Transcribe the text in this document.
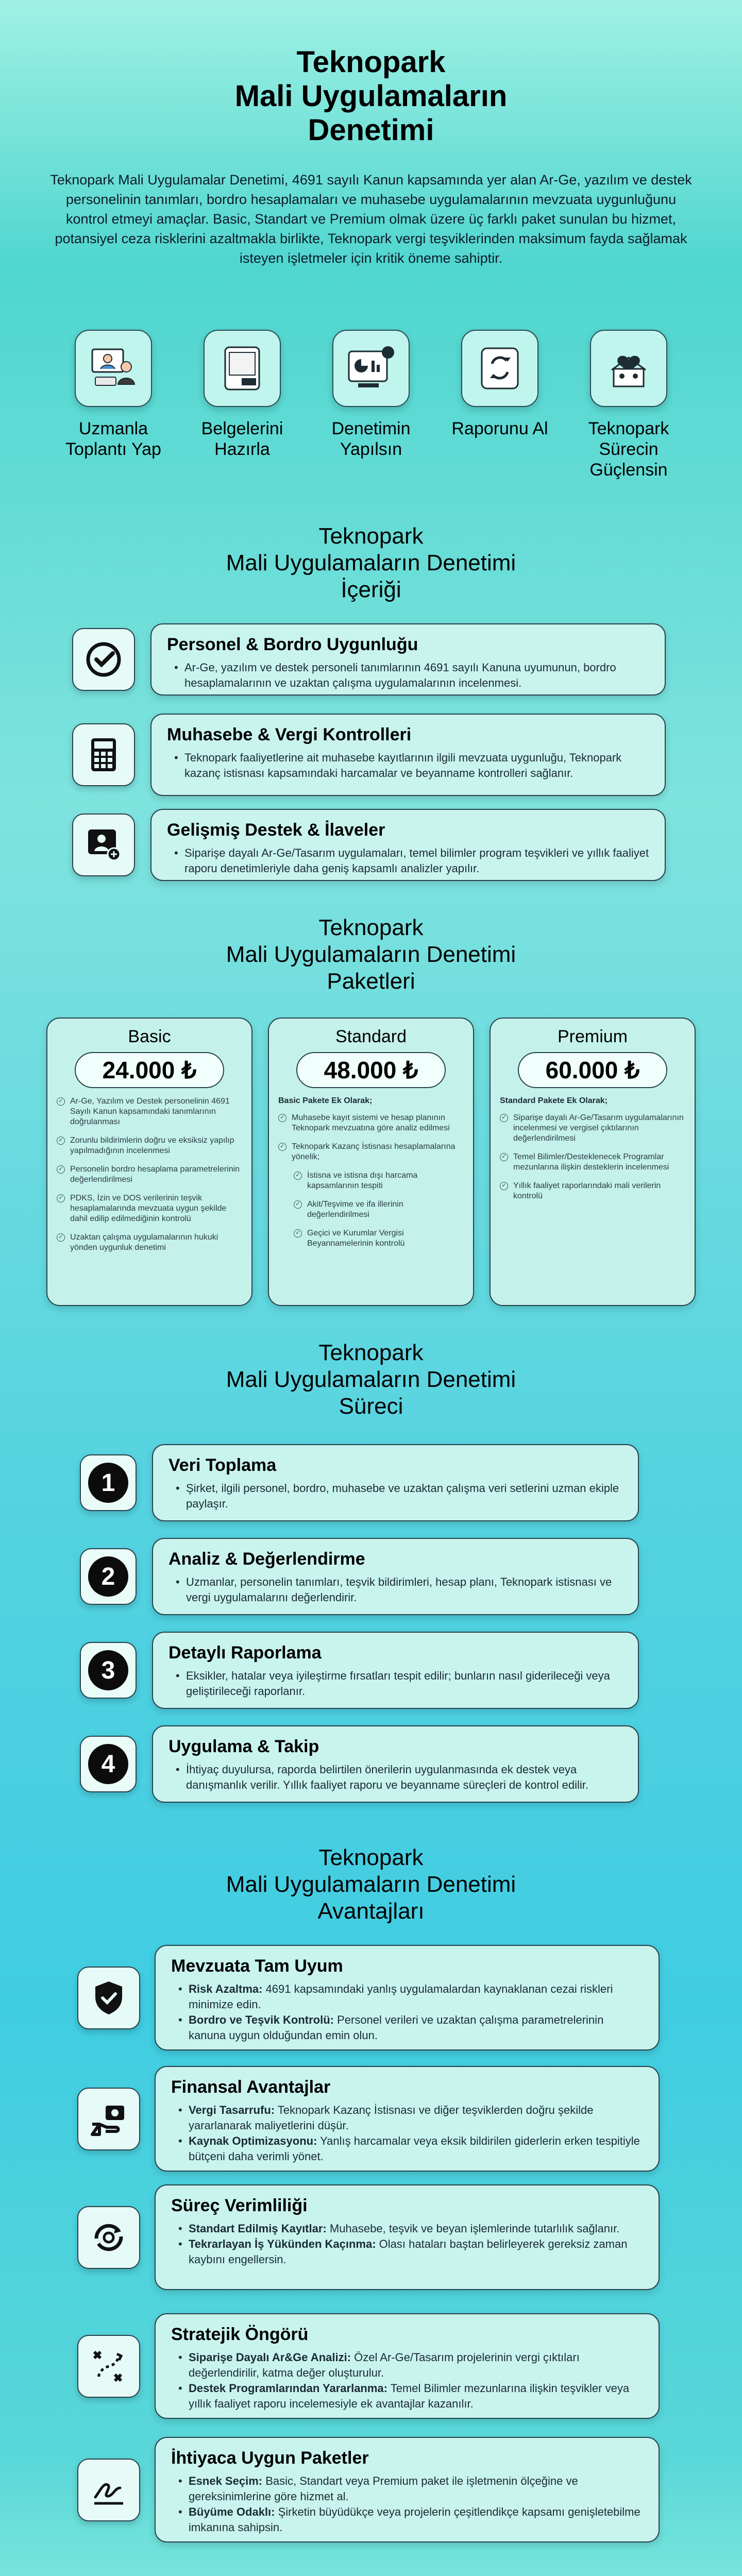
Teknopark
Mali Uygulamaların
Denetimi

Teknopark Mali Uygulamalar Denetimi, 4691 sayılı Kanun kapsamında yer alan Ar-Ge, yazılım ve destek personelinin tanımları, bordro hesaplamaları ve muhasebe uygulamalarının mevzuata uygunluğunu kontrol etmeyi amaçlar. Basic, Standart ve Premium olmak üzere üç farklı paket sunulan bu hizmet, potansiyel ceza risklerini azaltmakla birlikte, Teknopark vergi teşviklerinden maksimum fayda sağlamak isteyen işletmeler için kritik öneme sahiptir.

Uzmanla Toplantı Yap
Belgelerini Hazırla
Denetimin Yapılsın
Raporunu Al	Teknopark Sürecin Güçlensin
Teknopark
Mali Uygulamaların Denetimi
İçeriği
Personel & Bordro Uygunluğu
• Ar-Ge, yazılım ve destek personeli tanımlarının 4691 sayılı Kanuna uyumunun, bordro hesaplamalarının ve uzaktan çalışma uygulamalarının incelenmesi.
Muhasebe & Vergi Kontrolleri
• Teknopark faaliyetlerine ait muhasebe kayıtlarının ilgili mevzuata uygunluğu, Teknopark kazanç istisnası kapsamındaki harcamalar ve beyanname kontrolleri sağlanır.
Gelişmiş Destek & İlaveler
• Siparişe dayalı Ar-Ge/Tasarım uygulamaları, temel bilimler program teşvikleri ve yıllık faaliyet raporu denetimleriyle daha geniş kapsamlı analizler yapılır.
Teknopark
Mali Uygulamaların Denetimi
Paketleri
Basic
24.000 ₺
✓ Ar-Ge, Yazılım ve Destek personelinin 4691 Sayılı Kanun kapsamındaki tanımlarının doğrulanması
✓ Zorunlu bildirimlerin doğru ve eksiksiz yapılıp yapılmadığının incelenmesi
✓ Personelin bordro hesaplama parametrelerinin değerlendirilmesi
✓ PDKS, İzin ve DOS verilerinin teşvik hesaplamalarında mevzuata uygun şekilde dahil edilip edilmediğinin kontrolü
✓ Uzaktan çalışma uygulamalarının hukuki yönden uygunluk denetimi
Standard
48.000 ₺
Basic Pakete Ek Olarak;
✓ Muhasebe kayıt sistemi ve hesap planının Teknopark mevzuatına göre analiz edilmesi
✓ Teknopark Kazanç İstisnası hesaplamalarına yönelik;
✓ İstisna ve istisna dışı harcama kapsamlarının tespiti
✓ Akit/Teşvime ve ifa illerinin değerlendirilmesi
✓ Geçici ve Kurumlar Vergisi Beyannamelerinin kontrolü
Premium
60.000 ₺
Standard Pakete Ek Olarak;
✓ Siparişe dayalı Ar-Ge/Tasarım uygulamalarının incelenmesi ve vergisel çıktılarının değerlendirilmesi
✓ Temel Bilimler/Desteklenecek Programlar mezunlarına ilişkin desteklerin incelenmesi
✓ Yıllık faaliyet raporlarındaki mali verilerin kontrolü
Teknopark
Mali Uygulamaların Denetimi
Süreci
1
Veri Toplama
• Şirket, ilgili personel, bordro, muhasebe ve uzaktan çalışma veri setlerini uzman ekiple paylaşır.
2
Analiz & Değerlendirme
• Uzmanlar, personelin tanımları, teşvik bildirimleri, hesap planı, Teknopark istisnası ve vergi uygulamalarını değerlendirir.
3
Detaylı Raporlama
• Eksikler, hatalar veya iyileştirme fırsatları tespit edilir; bunların nasıl giderileceği veya geliştirileceği raporlanır.
4
Uygulama & Takip
• İhtiyaç duyulursa, raporda belirtilen önerilerin uygulanmasında ek destek veya danışmanlık verilir. Yıllık faaliyet raporu ve beyanname süreçleri de kontrol edilir.
Teknopark
Mali Uygulamaların Denetimi
Avantajları
Mevzuata Tam Uyum
• Risk Azaltma: 4691 kapsamındaki yanlış uygulamalardan kaynaklanan cezai riskleri minimize edin.
• Bordro ve Teşvik Kontrolü: Personel verileri ve uzaktan çalışma parametrelerinin kanuna uygun olduğundan emin olun.
Finansal Avantajlar
• Vergi Tasarrufu: Teknopark Kazanç İstisnası ve diğer teşviklerden doğru şekilde yararlanarak maliyetlerini düşür.
• Kaynak Optimizasyonu: Yanlış harcamalar veya eksik bildirilen giderlerin erken tespitiyle bütçeni daha verimli yönet.
Süreç Verimliliği
• Standart Edilmiş Kayıtlar: Muhasebe, teşvik ve beyan işlemlerinde tutarlılık sağlanır.
• Tekrarlayan İş Yükünden Kaçınma: Olası hataları baştan belirleyerek gereksiz zaman kaybını engellersin.
Stratejik Öngörü
• Siparişe Dayalı Ar&Ge Analizi: Özel Ar-Ge/Tasarım projelerinin vergi çıktıları değerlendirilir, katma değer oluşturulur.
• Destek Programlarından Yararlanma: Temel Bilimler mezunlarına ilişkin teşvikler veya yıllık faaliyet raporu incelemesiyle ek avantajlar kazanılır.
İhtiyaca Uygun Paketler
• Esnek Seçim: Basic, Standart veya Premium paket ile işletmenin ölçeğine ve gereksinimlerine göre hizmet al.
• Büyüme Odaklı: Şirketin büyüdükçe veya projelerin çeşitlendikçe kapsamı genişletebilme imkanına sahipsin.
